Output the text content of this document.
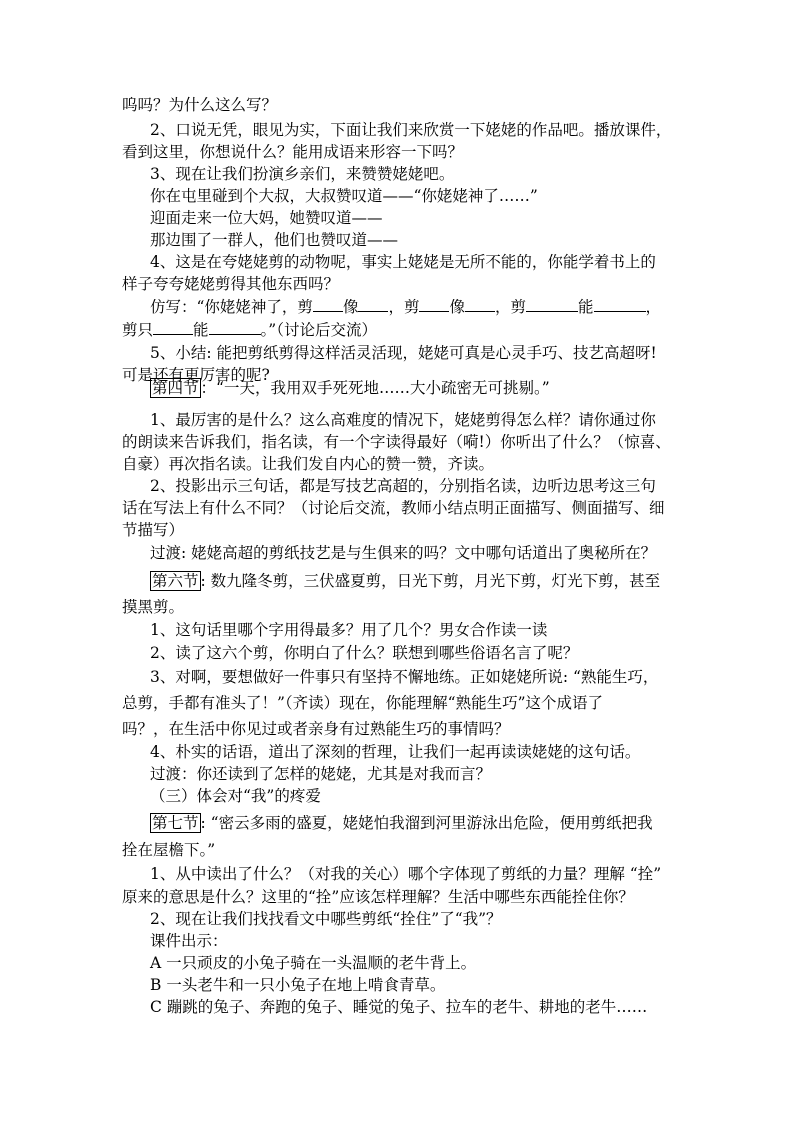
呜吗？为什么这么写？
2、口说无凭，眼见为实，下面让我们来欣赏一下姥姥的作品吧。播放课件，
看到这里，你想说什么？能用成语来形容一下吗？
3、现在让我们扮演乡亲们，来赞赞姥姥吧。
你在屯里碰到个大叔，大叔赞叹道——“你姥姥神了……”
迎面走来一位大妈，她赞叹道——
那边围了一群人，他们也赞叹道——
4、这是在夸姥姥剪的动物呢，事实上姥姥是无所不能的，你能学着书上的
样子夸夸姥姥剪得其他东西吗？
仿写：“你姥姥神了，剪 像 ，剪 像 ，剪	能	，
剪只	能	。”（讨论后交流）
5、小结: 能把剪纸剪得这样活灵活现，姥姥可真是心灵手巧、技艺高超呀!
可是还有更厉害的呢?
第四节 ：“一天，我用双手死死地……大小疏密无可挑剔。”
1、最厉害的是什么？这么高难度的情况下，姥姥剪得怎么样？请你通过你
的朗读来告诉我们，指名读，有一个字读得最好（嗬!）你听出了什么？（惊喜、
自豪）再次指名读。让我们发自内心的赞一赞，齐读。
2、投影出示三句话，都是写技艺高超的，分别指名读，边听边思考这三句
话在写法上有什么不同？（讨论后交流，教师小结点明正面描写、侧面描写、细
节描写）
过渡: 姥姥高超的剪纸技艺是与生俱来的吗？文中哪句话道出了奥秘所在？
第六节 : 数九隆冬剪，三伏盛夏剪，日光下剪，月光下剪，灯光下剪，甚至
摸黑剪。
1、这句话里哪个字用得最多？用了几个？男女合作读一读
2、读了这六个剪，你明白了什么？联想到哪些俗语名言了呢？
3、对啊，要想做好一件事只有坚持不懈地练。正如姥姥所说: “熟能生巧，
总剪，手都有准头了！”（齐读）现在，你能理解“熟能生巧”这个成语了
吗？，在生活中你见过或者亲身有过熟能生巧的事情吗？
4、朴实的话语，道出了深刻的哲理，让我们一起再读读姥姥的这句话。
过渡：你还读到了怎样的姥姥，尤其是对我而言？
（三）体会对“我”的疼爱
第七节 : “密云多雨的盛夏，姥姥怕我溜到河里游泳出危险，便用剪纸把我
拴在屋檐下。”
1、从中读出了什么？（对我的关心）哪个字体现了剪纸的力量？理解 “拴”
原来的意思是什么？这里的“拴”应该怎样理解？生活中哪些东西能拴住你？
2、现在让我们找找看文中哪些剪纸“拴住”了“我”？
课件出示：
A 一只顽皮的小兔子骑在一头温顺的老牛背上。
B 一头老牛和一只小兔子在地上啃食青草。
C 蹦跳的兔子、奔跑的兔子、睡觉的兔子、拉车的老牛、耕地的老牛……
